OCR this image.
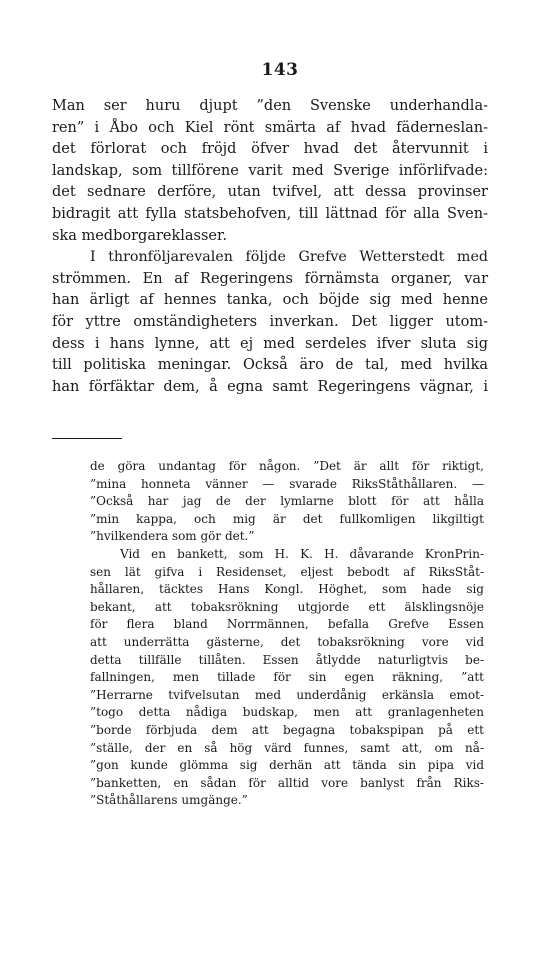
143
Man ser huru djupt ”den Svenske underhandla-
ren” i Åbo och Kiel rönt smärta af hvad fäderneslan-
det förlorat och fröjd öfver hvad det återvunnit i
landskap, som tillförene varit med Sverige införlifvade:
det sednare derföre, utan tvifvel, att dessa provinser
bidragit att fylla statsbehofven, till lättnad för alla Sven-
ska medborgareklasser.
I thronföljarevalen följde Grefve Wetterstedt med
strömmen. En af Regeringens förnämsta organer, var
han ärligt af hennes tanka, och böjde sig med henne
för yttre omständigheters inverkan. Det ligger utom-
dess i hans lynne, att ej med serdeles ifver sluta sig
till politiska meningar. Också äro de tal, med hvilka
han förfäktar dem, å egna samt Regeringens vägnar, i
de göra undantag för någon. ”Det är allt för riktigt,
”mina honneta vänner — svarade RiksStåthållaren. —
”Också har jag de der lymlarne blott för att hålla
”min kappa, och mig är det fullkomligen likgiltigt
”hvilkendera som gör det.”
Vid en bankett, som H. K. H. dåvarande KronPrin-
sen lät gifva i Residenset, eljest bebodt af RiksStåt-
hållaren, täcktes Hans Kongl. Höghet, som hade sig
bekant, att tobaksrökning utgjorde ett älsklingsnöje
för flera bland Norrmännen, befalla Grefve Essen
att underrätta gästerne, det tobaksrökning vore vid
detta tillfälle tillåten. Essen åtlydde naturligtvis be-
fallningen, men tillade för sin egen räkning, ”att
”Herrarne tvifvelsutan med underdånig erkänsla emot-
”togo detta nådiga budskap, men att granlagenheten
”borde förbjuda dem att begagna tobakspipan på ett
”ställe, der en så hög värd funnes, samt att, om nå-
”gon kunde glömma sig derhän att tända sin pipa vid
”banketten, en sådan för alltid vore banlyst från Riks-
”Ståthållarens umgänge.”
